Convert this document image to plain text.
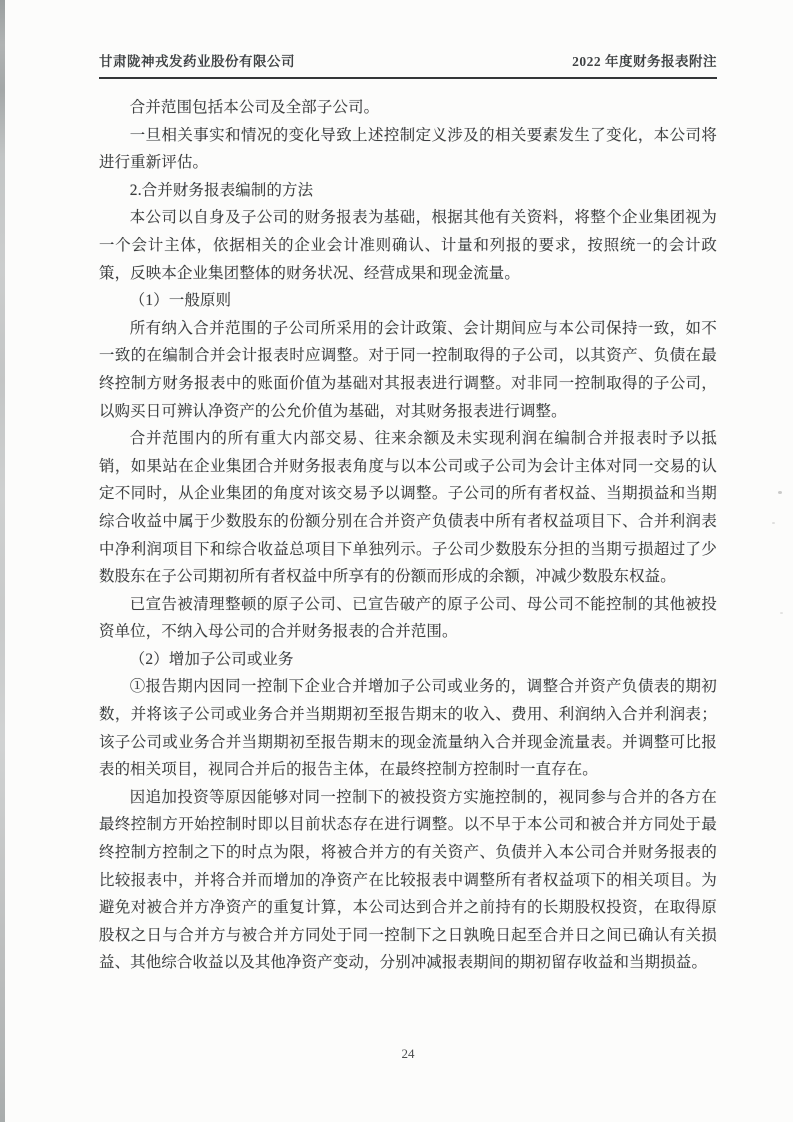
甘肃陇神戎发药业股份有限公司	2022 年度财务报表附注

合并范围包括本公司及全部子公司。

一旦相关事实和情况的变化导致上述控制定义涉及的相关要素发生了变化，本公司将进行重新评估。

2.合并财务报表编制的方法

本公司以自身及子公司的财务报表为基础，根据其他有关资料，将整个企业集团视为一个会计主体，依据相关的企业会计准则确认、计量和列报的要求，按照统一的会计政策，反映本企业集团整体的财务状况、经营成果和现金流量。

（1）一般原则

所有纳入合并范围的子公司所采用的会计政策、会计期间应与本公司保持一致，如不一致的在编制合并会计报表时应调整。对于同一控制取得的子公司，以其资产、负债在最终控制方财务报表中的账面价值为基础对其报表进行调整。对非同一控制取得的子公司，以购买日可辨认净资产的公允价值为基础，对其财务报表进行调整。

合并范围内的所有重大内部交易、往来余额及未实现利润在编制合并报表时予以抵销，如果站在企业集团合并财务报表角度与以本公司或子公司为会计主体对同一交易的认定不同时，从企业集团的角度对该交易予以调整。子公司的所有者权益、当期损益和当期综合收益中属于少数股东的份额分别在合并资产负债表中所有者权益项目下、合并利润表中净利润项目下和综合收益总项目下单独列示。子公司少数股东分担的当期亏损超过了少数股东在子公司期初所有者权益中所享有的份额而形成的余额，冲减少数股东权益。

已宣告被清理整顿的原子公司、已宣告破产的原子公司、母公司不能控制的其他被投资单位，不纳入母公司的合并财务报表的合并范围。

（2）增加子公司或业务

①报告期内因同一控制下企业合并增加子公司或业务的，调整合并资产负债表的期初数，并将该子公司或业务合并当期期初至报告期末的收入、费用、利润纳入合并利润表；该子公司或业务合并当期期初至报告期末的现金流量纳入合并现金流量表。并调整可比报表的相关项目，视同合并后的报告主体，在最终控制方控制时一直存在。

因追加投资等原因能够对同一控制下的被投资方实施控制的，视同参与合并的各方在最终控制方开始控制时即以目前状态存在进行调整。以不早于本公司和被合并方同处于最终控制方控制之下的时点为限，将被合并方的有关资产、负债并入本公司合并财务报表的比较报表中，并将合并而增加的净资产在比较报表中调整所有者权益项下的相关项目。为避免对被合并方净资产的重复计算，本公司达到合并之前持有的长期股权投资，在取得原股权之日与合并方与被合并方同处于同一控制下之日孰晚日起至合并日之间已确认有关损益、其他综合收益以及其他净资产变动，分别冲减报表期间的期初留存收益和当期损益。

24
